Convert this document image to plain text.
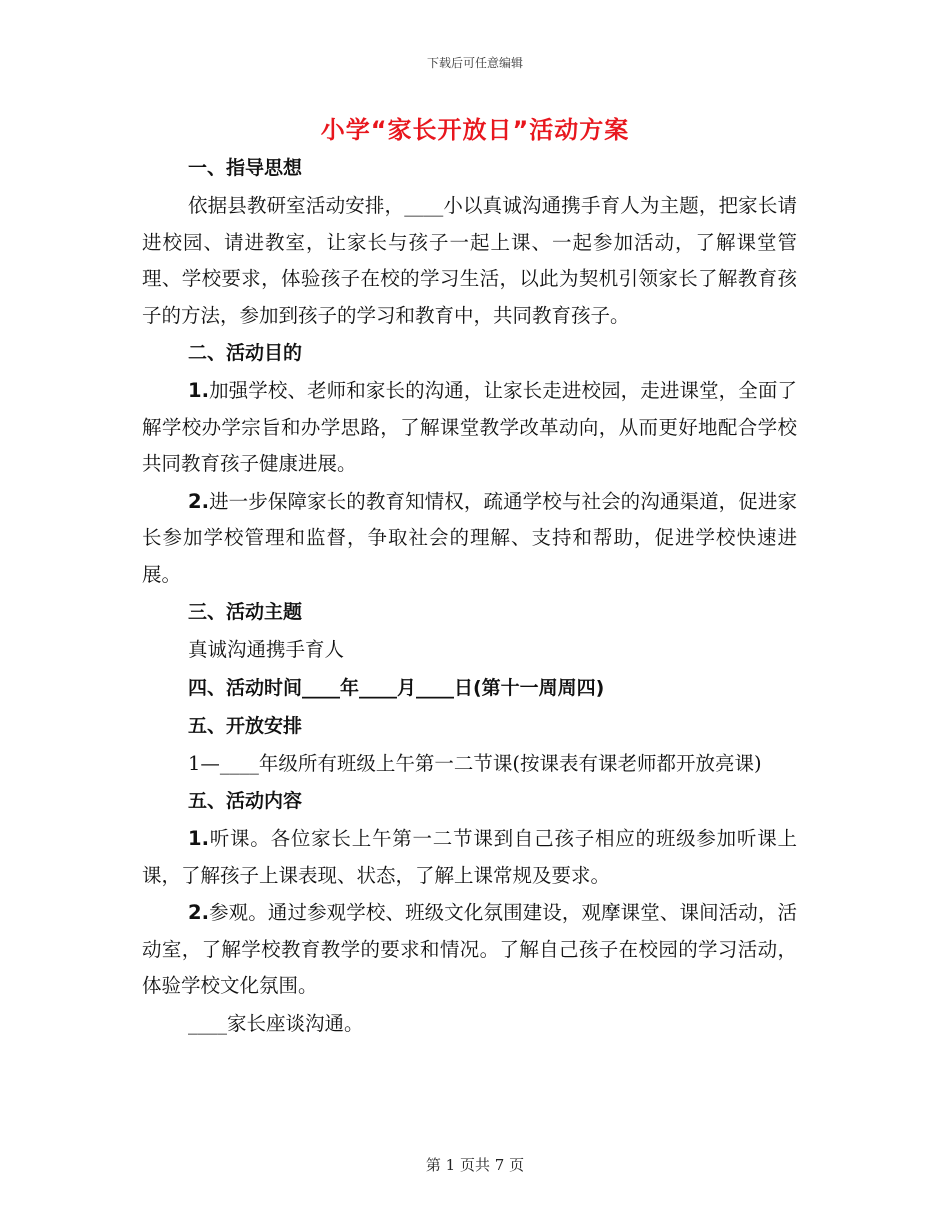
下载后可任意编辑
小学“家长开放日”活动方案
一、指导思想
依据县教研室活动安排，____小以真诚沟通携手育人为主题，把家长请进校园、请进教室，让家长与孩子一起上课、一起参加活动，了解课堂管理、学校要求，体验孩子在校的学习生活，以此为契机引领家长了解教育孩子的方法，参加到孩子的学习和教育中，共同教育孩子。
二、活动目的
1.加强学校、老师和家长的沟通，让家长走进校园，走进课堂，全面了解学校办学宗旨和办学思路，了解课堂教学改革动向，从而更好地配合学校共同教育孩子健康进展。
2.进一步保障家长的教育知情权，疏通学校与社会的沟通渠道，促进家长参加学校管理和监督，争取社会的理解、支持和帮助，促进学校快速进展。
三、活动主题
真诚沟通携手育人
四、活动时间____年____月____日(第十一周周四)
五、开放安排
1—____年级所有班级上午第一二节课(按课表有课老师都开放亮课)
五、活动内容
1.听课。各位家长上午第一二节课到自己孩子相应的班级参加听课上课，了解孩子上课表现、状态，了解上课常规及要求。
2.参观。通过参观学校、班级文化氛围建设，观摩课堂、课间活动，活动室，了解学校教育教学的要求和情况。了解自己孩子在校园的学习活动，体验学校文化氛围。
____家长座谈沟通。
第 1 页共 7 页
